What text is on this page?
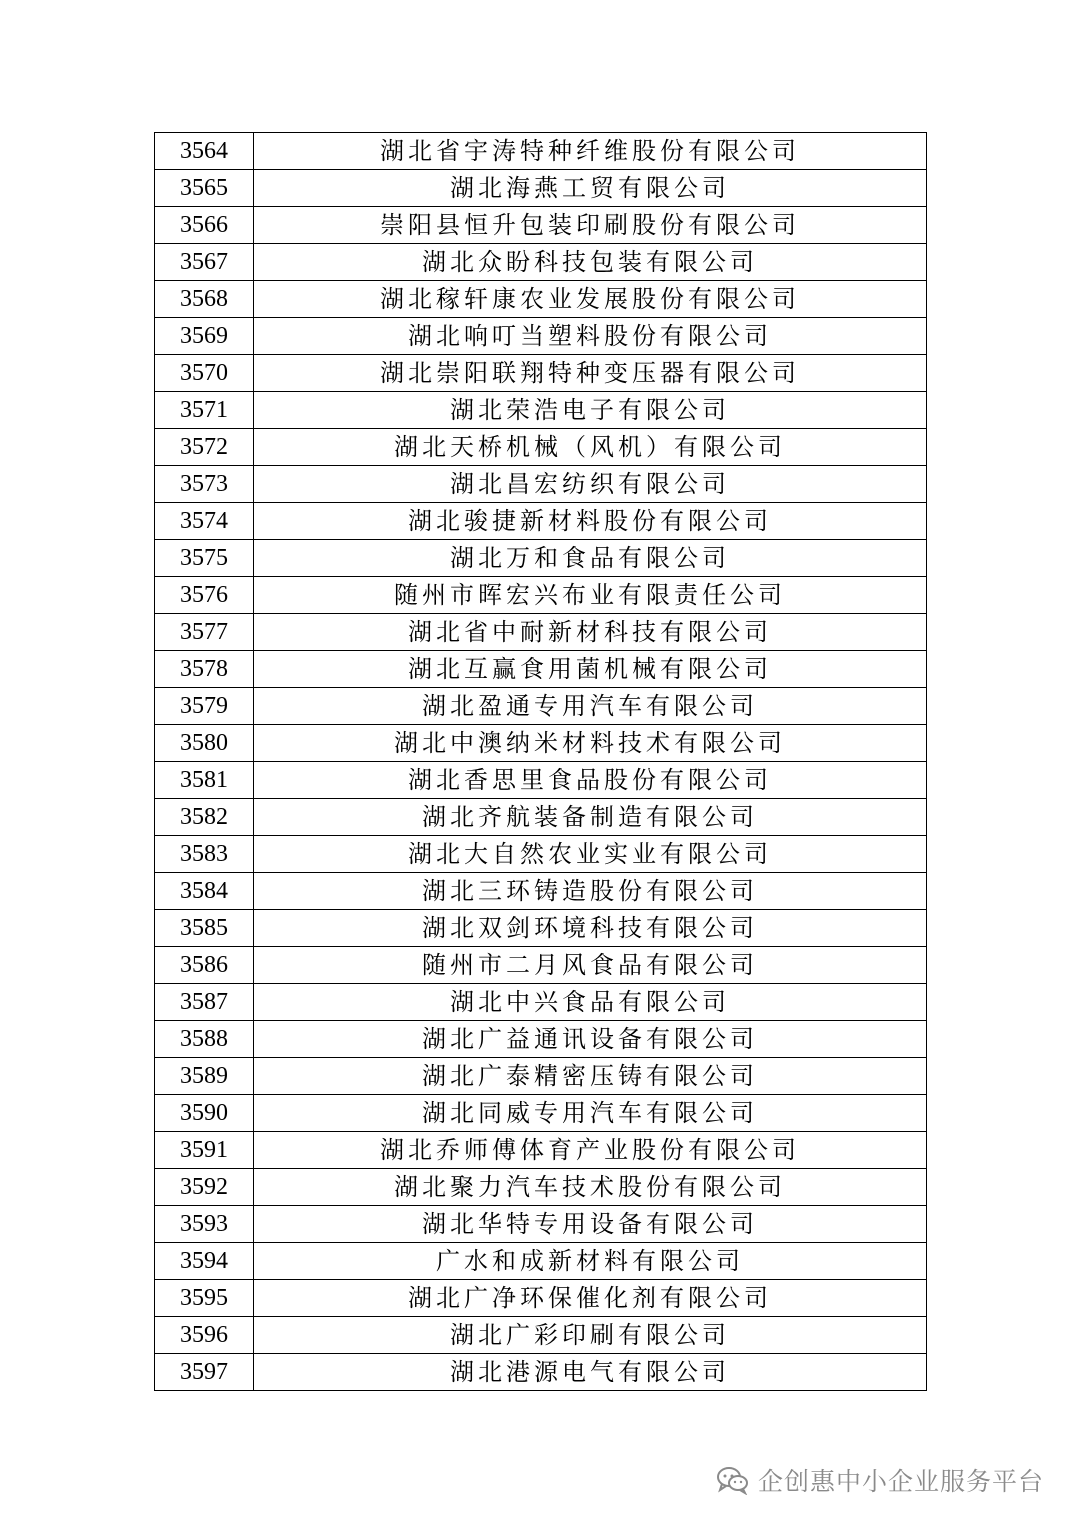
3564	湖北省宇涛特种纤维股份有限公司
3565	湖北海燕工贸有限公司
3566	崇阳县恒升包装印刷股份有限公司
3567	湖北众盼科技包装有限公司
3568	湖北稼轩康农业发展股份有限公司
3569	湖北响叮当塑料股份有限公司
3570	湖北崇阳联翔特种变压器有限公司
3571	湖北荣浩电子有限公司
3572	湖北天桥机械（风机）有限公司
3573	湖北昌宏纺织有限公司
3574	湖北骏捷新材料股份有限公司
3575	湖北万和食品有限公司
3576	随州市晖宏兴布业有限责任公司
3577	湖北省中耐新材科技有限公司
3578	湖北互赢食用菌机械有限公司
3579	湖北盈通专用汽车有限公司
3580	湖北中澳纳米材料技术有限公司
3581	湖北香思里食品股份有限公司
3582	湖北齐航装备制造有限公司
3583	湖北大自然农业实业有限公司
3584	湖北三环铸造股份有限公司
3585	湖北双剑环境科技有限公司
3586	随州市二月风食品有限公司
3587	湖北中兴食品有限公司
3588	湖北广益通讯设备有限公司
3589	湖北广泰精密压铸有限公司
3590	湖北同威专用汽车有限公司
3591	湖北乔师傅体育产业股份有限公司
3592	湖北聚力汽车技术股份有限公司
3593	湖北华特专用设备有限公司
3594	广水和成新材料有限公司
3595	湖北广净环保催化剂有限公司
3596	湖北广彩印刷有限公司
3597	湖北港源电气有限公司
企创惠中小企业服务平台
